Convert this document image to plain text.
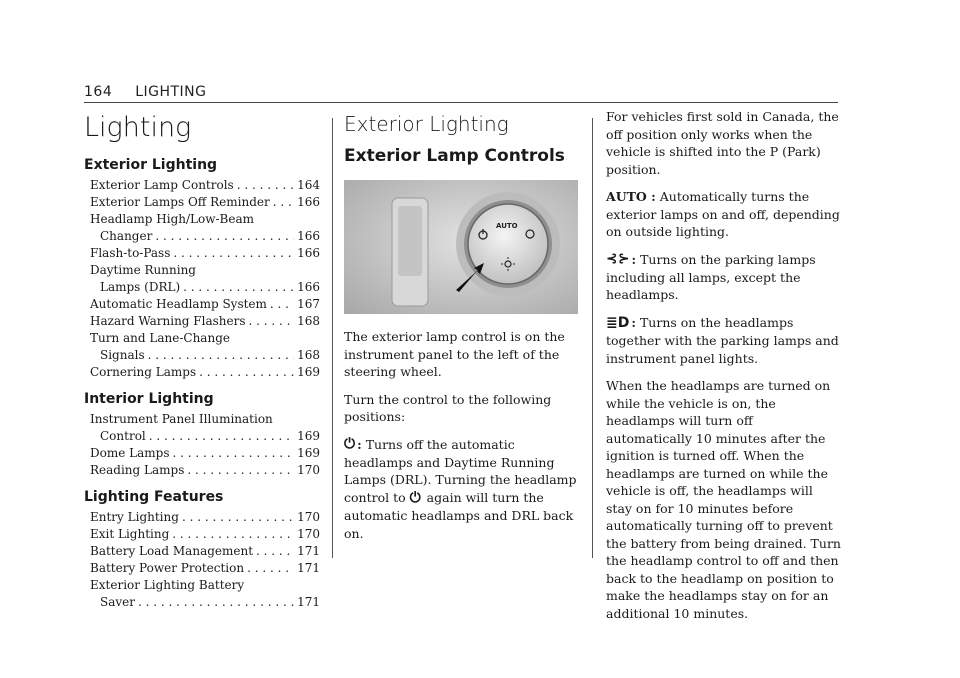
164 LIGHTING
Lighting
Exterior Lighting
Exterior Lamp Controls . . .	164
Exterior Lamps Off Reminder . . . 166
Headlamp High/Low-Beam
Changer . . .	166
Flash-to-Pass . . .	166
Daytime Running
Lamps (DRL) . . .	166
Automatic Headlamp System . . .	167
Hazard Warning Flashers . . .	168
Turn and Lane-Change
Signals . . .	168
Cornering Lamps . . .	169
Interior Lighting
Instrument Panel Illumination
Control . . .	169
Dome Lamps . . .	169
Reading Lamps . . .	170
Lighting Features
Entry Lighting . . .	170
Exit Lighting . . .	170
Battery Load Management . . .	171
Battery Power Protection . . .	171
Exterior Lighting Battery
Saver . . .	171
Exterior Lighting
Exterior Lamp Controls
AUTO

The exterior lamp control is on the instrument panel to the left of the steering wheel.

Turn the control to the following positions:

⏻ : Turns off the automatic headlamps and Daytime Running Lamps (DRL). Turning the headlamp control to ⏻ again will turn the automatic headlamps and DRL back on.

For vehicles first sold in Canada, the off position only works when the vehicle is shifted into the P (Park) position.

AUTO : Automatically turns the exterior lamps on and off, depending on outside lighting.

⊰⊱ : Turns on the parking lamps including all lamps, except the headlamps.

≣D : Turns on the headlamps together with the parking lamps and instrument panel lights.

When the headlamps are turned on while the vehicle is on, the headlamps will turn off automatically 10 minutes after the ignition is turned off. When the headlamps are turned on while the vehicle is off, the headlamps will stay on for 10 minutes before automatically turning off to prevent the battery from being drained. Turn the headlamp control to off and then back to the headlamp on position to make the headlamps stay on for an additional 10 minutes.
